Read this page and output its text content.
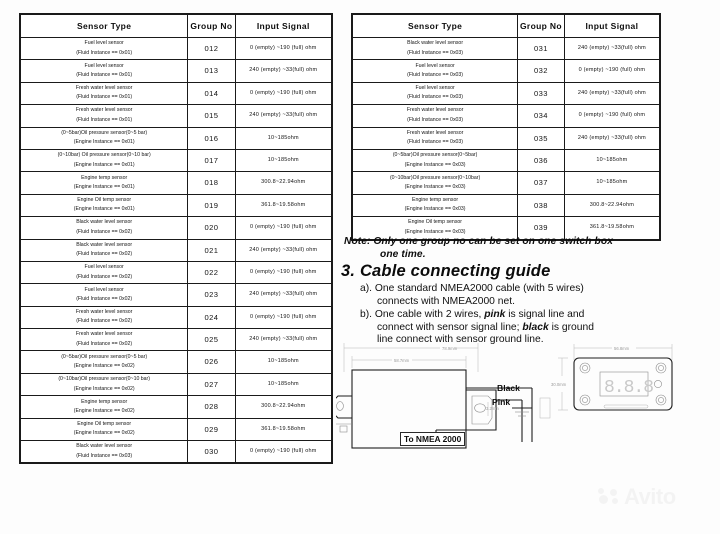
Sensor Type	Group No	Input Signal

Fuel level sensor
(Fluid Instance == 0x01)	012	0 (empty) ~190 (full) ohm

Fuel level sensor
(Fluid Instance == 0x01)	013	240 (empty) ~33(full) ohm

Fresh water level sensor
(Fluid Instance == 0x01)	014	0 (empty) ~190 (full) ohm

Fresh water level sensor
(Fluid Instance == 0x01)	015	240 (empty) ~33(full) ohm

(0~5bar)Oil pressure sensor(0~5 bar)
(Engine Instance == 0x01)	016	10~185ohm

(0~10bar) Oil pressure sensor(0~10 bar)
(Engine Instance == 0x01)	017	10~185ohm

Engine temp sensor
(Engine Instance == 0x01)	018	300.8~22.94ohm

Engine Oil temp sensor
(Engine Instance == 0x01)	019	361.8~19.58ohm

Black water level sensor
(Fluid Instance == 0x02)	020	0 (empty) ~190 (full) ohm

Black water level sensor
(Fluid Instance == 0x02)	021	240 (empty) ~33(full) ohm

Fuel level sensor
(Fluid Instance == 0x02)	022	0 (empty) ~190 (full) ohm

Fuel level sensor
(Fluid Instance == 0x02)	023	240 (empty) ~33(full) ohm

Fresh water level sensor
(Fluid Instance == 0x02)	024	0 (empty) ~190 (full) ohm

Fresh water level sensor
(Fluid Instance == 0x02)	025	240 (empty) ~33(full) ohm

(0~5bar)Oil pressure sensor(0~5 bar)
(Engine Instance == 0x02)	026	10~185ohm

(0~10bar)Oil pressure sensor(0~10 bar)
(Engine Instance == 0x02)	027	10~185ohm

Engine temp sensor
(Engine Instance == 0x02)	028	300.8~22.94ohm

Engine Oil temp sensor
(Engine Instance == 0x02)	029	361.8~19.58ohm

Black water level sensor
(Fluid Instance == 0x03)	030	0 (empty) ~190 (full) ohm
Sensor Type	Group No	Input Signal

Black water level sensor
(Fluid Instance == 0x03)	031	240 (empty) ~33(full) ohm

Fuel level sensor
(Fluid Instance == 0x03)	032	0 (empty) ~190 (full) ohm

Fuel level sensor
(Fluid Instance == 0x03)	033	240 (empty) ~33(full) ohm

Fresh water level sensor
(Fluid Instance == 0x03)	034	0 (empty) ~190 (full) ohm

Fresh water level sensor
(Fluid Instance == 0x03)	035	240 (empty) ~33(full) ohm

(0~5bar)Oil pressure sensor(0~5bar)
(Engine Instance == 0x03)	036	10~185ohm

(0~10bar)Oil pressure sensor(0~10bar)
(Engine Instance == 0x03)	037	10~185ohm

Engine temp sensor
(Engine Instance == 0x03)	038	300.8~22.94ohm

Engine Oil temp sensor
(Engine Instance == 0x03)	039	361.8~19.58ohm
Note: Only one group no can be set on one switch box
one time.
3. Cable connecting guide
a). One standard NMEA2000 cable (with 5 wires)
connects with NMEA2000 net.
b). One cable with 2 wires, pink is signal line and
connect with sensor signal line; black is ground
line connect with sensor ground line.
78.9mm
58.7mm
3.2mm
56.8mm
30.0mm 8.8.8
Black
Pink
To NMEA 2000
Avito
